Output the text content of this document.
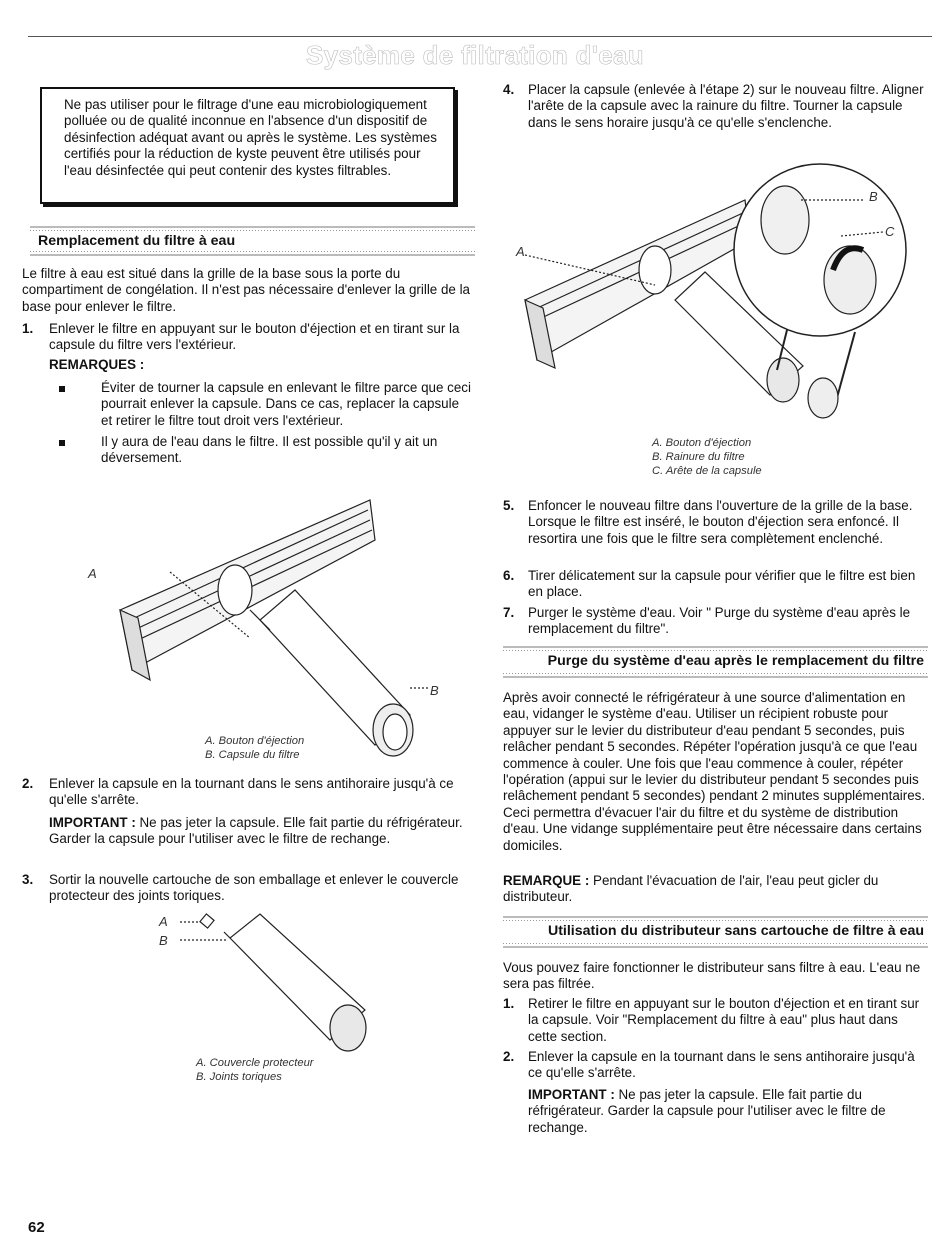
Système de filtration d'eau

Ne pas utiliser pour le filtrage d'une eau microbiologiquement polluée ou de qualité inconnue en l'absence d'un dispositif de désinfection adéquat avant ou après le système. Les systèmes certifiés pour la réduction de kyste peuvent être utilisés pour l'eau désinfectée qui peut contenir des kystes filtrables.

Remplacement du filtre à eau

Le filtre à eau est situé dans la grille de la base sous la porte du compartiment de congélation. Il n'est pas nécessaire d'enlever la grille de la base pour enlever le filtre.

1. Enlever le filtre en appuyant sur le bouton d'éjection et en tirant sur la capsule du filtre vers l'extérieur.

REMARQUES :

Éviter de tourner la capsule en enlevant le filtre parce que ceci pourrait enlever la capsule. Dans ce cas, replacer la capsule et retirer le filtre tout droit vers l'extérieur.

Il y aura de l'eau dans le filtre. Il est possible qu'il y ait un déversement.

A
B
A. Bouton d'éjection
B. Capsule du filtre
2. Enlever la capsule en la tournant dans le sens antihoraire jusqu'à ce qu'elle s'arrête.

IMPORTANT : Ne pas jeter la capsule. Elle fait partie du réfrigérateur. Garder la capsule pour l'utiliser avec le filtre de rechange.

3. Sortir la nouvelle cartouche de son emballage et enlever le couvercle protecteur des joints toriques.

A
B
A. Couvercle protecteur
B. Joints toriques
62
4. Placer la capsule (enlevée à l'étape 2) sur le nouveau filtre. Aligner l'arête de la capsule avec la rainure du filtre. Tourner la capsule dans le sens horaire jusqu'à ce qu'elle s'enclenche.

A
B
C
A. Bouton d'éjection
B. Rainure du filtre
C. Arête de la capsule
5. Enfoncer le nouveau filtre dans l'ouverture de la grille de la base. Lorsque le filtre est inséré, le bouton d'éjection sera enfoncé. Il resortira une fois que le filtre sera complètement enclenché.

6. Tirer délicatement sur la capsule pour vérifier que le filtre est bien en place.

7. Purger le système d'eau. Voir " Purge du système d'eau après le remplacement du filtre".

Purge du système d'eau après le remplacement du filtre

Après avoir connecté le réfrigérateur à une source d'alimentation en eau, vidanger le système d'eau. Utiliser un récipient robuste pour appuyer sur le levier du distributeur d'eau pendant 5 secondes, puis relâcher pendant 5 secondes. Répéter l'opération jusqu'à ce que l'eau commence à couler. Une fois que l'eau commence à couler, répéter l'opération (appui sur le levier du distributeur pendant 5 secondes puis relâchement pendant 5 secondes) pendant 2 minutes supplémentaires. Ceci permettra d'évacuer l'air du filtre et du système de distribution d'eau. Une vidange supplémentaire peut être nécessaire dans certains domiciles.

REMARQUE : Pendant l'évacuation de l'air, l'eau peut gicler du distributeur.

Utilisation du distributeur sans cartouche de filtre à eau

Vous pouvez faire fonctionner le distributeur sans filtre à eau. L'eau ne sera pas filtrée.

1. Retirer le filtre en appuyant sur le bouton d'éjection et en tirant sur la capsule. Voir "Remplacement du filtre à eau" plus haut dans cette section.

2. Enlever la capsule en la tournant dans le sens antihoraire jusqu'à ce qu'elle s'arrête.

IMPORTANT : Ne pas jeter la capsule. Elle fait partie du réfrigérateur. Garder la capsule pour l'utiliser avec le filtre de rechange.
